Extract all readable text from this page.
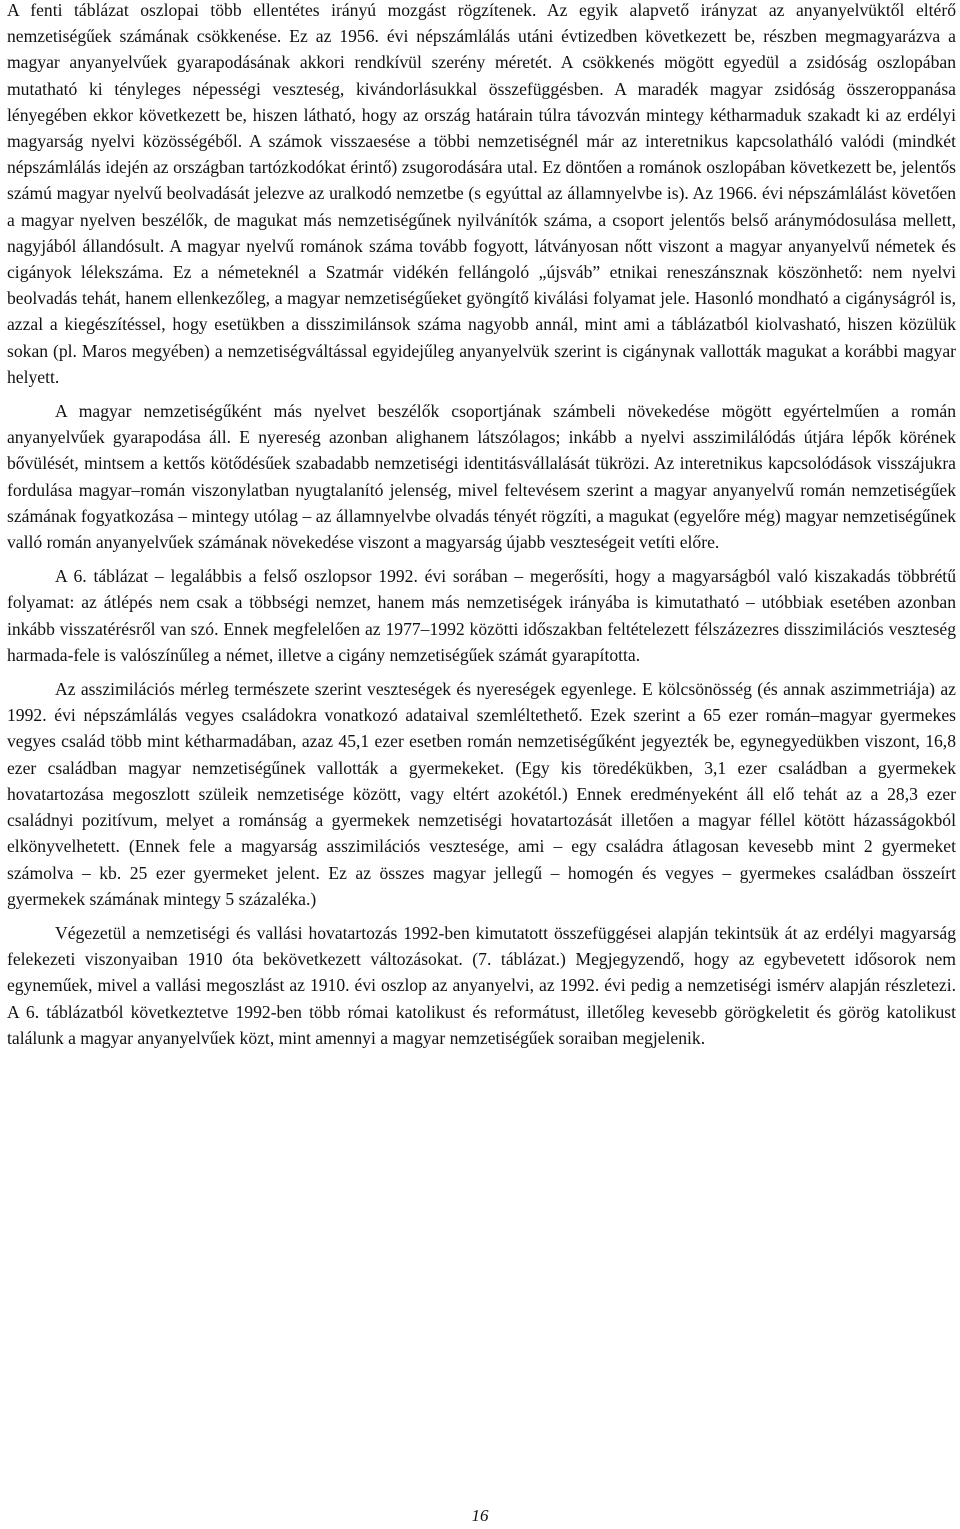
A fenti táblázat oszlopai több ellentétes irányú mozgást rögzítenek. Az egyik alapvető irányzat az anyanyelvüktől eltérő nemzetiségűek számának csökkenése. Ez az 1956. évi népszámlálás utáni évtizedben következett be, részben megmagyarázva a magyar anyanyelvűek gyarapodásának akkori rendkívül szerény méretét. A csökkenés mögött egyedül a zsidóság oszlopában mutatható ki tényleges népességi veszteség, kivándorlásukkal összefüggésben. A maradék magyar zsidóság összeroppanása lényegében ekkor következett be, hiszen látható, hogy az ország határain túlra távozván mintegy kétharmaduk szakadt ki az erdélyi magyarság nyelvi közösségéből. A számok visszaesése a többi nemzetiségnél már az interetnikus kapcsolatháló valódi (mindkét népszámlálás idején az országban tartózkodókat érintő) zsugorodására utal. Ez döntően a románok oszlopában következett be, jelentős számú magyar nyelvű beolvadását jelezve az uralkodó nemzetbe (s egyúttal az államnyelvbe is). Az 1966. évi népszámlálást követően a magyar nyelven beszélők, de magukat más nemzetiségűnek nyilvánítók száma, a csoport jelentős belső aránymódosulása mellett, nagyjából állandósult. A magyar nyelvű románok száma tovább fogyott, látványosan nőtt viszont a magyar anyanyelvű németek és cigányok lélekszáma. Ez a németeknél a Szatmár vidékén fellángoló „újsváb” etnikai reneszánsznak köszönhető: nem nyelvi beolvadás tehát, hanem ellenkezőleg, a magyar nemzetiségűeket gyöngítő kiválási folyamat jele. Hasonló mondható a cigányságról is, azzal a kiegészítéssel, hogy esetükben a disszimilánsok száma nagyobb annál, mint ami a táblázatból kiolvasható, hiszen közülük sokan (pl. Maros megyében) a nemzetiségváltással egyidejűleg anyanyelvük szerint is cigánynak vallották magukat a korábbi magyar helyett.

A magyar nemzetiségűként más nyelvet beszélők csoportjának számbeli növekedése mögött egyértelműen a román anyanyelvűek gyarapodása áll. E nyereség azonban alighanem látszólagos; inkább a nyelvi asszimilálódás útjára lépők körének bővülését, mintsem a kettős kötődésűek szabadabb nemzetiségi identitásvállalását tükrözi. Az interetnikus kapcsolódások visszájukra fordulása magyar–román viszonylatban nyugtalanító jelenség, mivel feltevésem szerint a magyar anyanyelvű román nemzetiségűek számának fogyatkozása – mintegy utólag – az államnyelvbe olvadás tényét rögzíti, a magukat (egyelőre még) magyar nemzetiségűnek valló román anyanyelvűek számának növekedése viszont a magyarság újabb veszteségeit vetíti előre.

A 6. táblázat – legalábbis a felső oszlopsor 1992. évi sorában – megerősíti, hogy a magyarságból való kiszakadás többrétű folyamat: az átlépés nem csak a többségi nemzet, hanem más nemzetiségek irányába is kimutatható – utóbbiak esetében azonban inkább visszatérésről van szó. Ennek megfelelően az 1977–1992 közötti időszakban feltételezett félszázezres disszimilációs veszteség harmada-fele is valószínűleg a német, illetve a cigány nemzetiségűek számát gyarapította.

Az asszimilációs mérleg természete szerint veszteségek és nyereségek egyenlege. E kölcsönösség (és annak aszimmetriája) az 1992. évi népszámlálás vegyes családokra vonatkozó adataival szemléltethető. Ezek szerint a 65 ezer román–magyar gyermekes vegyes család több mint kétharmadában, azaz 45,1 ezer esetben román nemzetiségűként jegyezték be, egynegyedükben viszont, 16,8 ezer családban magyar nemzetiségűnek vallották a gyermekeket. (Egy kis töredékükben, 3,1 ezer családban a gyermekek hovatartozása megoszlott szüleik nemzetisége között, vagy eltért azokétól.) Ennek eredményeként áll elő tehát az a 28,3 ezer családnyi pozitívum, melyet a románság a gyermekek nemzetiségi hovatartozását illetően a magyar féllel kötött házasságokból elkönyvelhetett. (Ennek fele a magyarság asszimilációs vesztesége, ami – egy családra átlagosan kevesebb mint 2 gyermeket számolva – kb. 25 ezer gyermeket jelent. Ez az összes magyar jellegű – homogén és vegyes – gyermekes családban összeírt gyermekek számának mintegy 5 százaléka.)

Végezetül a nemzetiségi és vallási hovatartozás 1992-ben kimutatott összefüggései alapján tekintsük át az erdélyi magyarság felekezeti viszonyaiban 1910 óta bekövetkezett változásokat. (7. táblázat.) Megjegyzendő, hogy az egybevetett idősorok nem egyneműek, mivel a vallási megoszlást az 1910. évi oszlop az anyanyelvi, az 1992. évi pedig a nemzetiségi ismérv alapján részletezi. A 6. táblázatból következtetve 1992-ben több római katolikust és reformátust, illetőleg kevesebb görögkeletit és görög katolikust találunk a magyar anyanyelvűek közt, mint amennyi a magyar nemzetiségűek soraiban megjelenik.

16
